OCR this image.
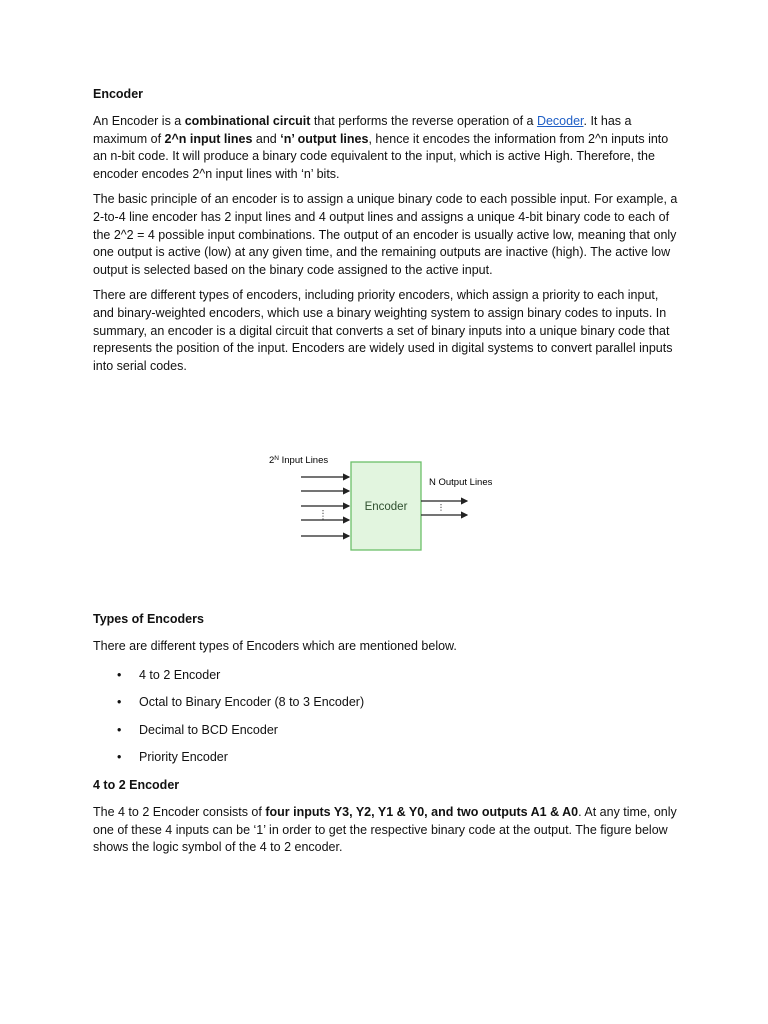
Encoder

An Encoder is a combinational circuit that performs the reverse operation of a Decoder. It has a maximum of 2^n input lines and ‘n’ output lines, hence it encodes the information from 2^n inputs into an n-bit code. It will produce a binary code equivalent to the input, which is active High. Therefore, the encoder encodes 2^n input lines with ‘n’ bits.

The basic principle of an encoder is to assign a unique binary code to each possible input. For example, a 2-to-4 line encoder has 2 input lines and 4 output lines and assigns a unique 4-bit binary code to each of the 2^2 = 4 possible input combinations. The output of an encoder is usually active low, meaning that only one output is active (low) at any given time, and the remaining outputs are inactive (high). The active low output is selected based on the binary code assigned to the active input.

There are different types of encoders, including priority encoders, which assign a priority to each input, and binary-weighted encoders, which use a binary weighting system to assign binary codes to inputs. In summary, an encoder is a digital circuit that converts a set of binary inputs into a unique binary code that represents the position of the input. Encoders are widely used in digital systems to convert parallel inputs into serial codes.

$2^N$ Input Lines
Encoder
N Output Lines
Types of Encoders

There are different types of Encoders which are mentioned below.

• 4 to 2 Encoder
• Octal to Binary Encoder (8 to 3 Encoder)
• Decimal to BCD Encoder
• Priority Encoder
4 to 2 Encoder

The 4 to 2 Encoder consists of four inputs Y3, Y2, Y1 & Y0, and two outputs A1 & A0. At any time, only one of these 4 inputs can be ‘1’ in order to get the respective binary code at the output. The figure below shows the logic symbol of the 4 to 2 encoder.
